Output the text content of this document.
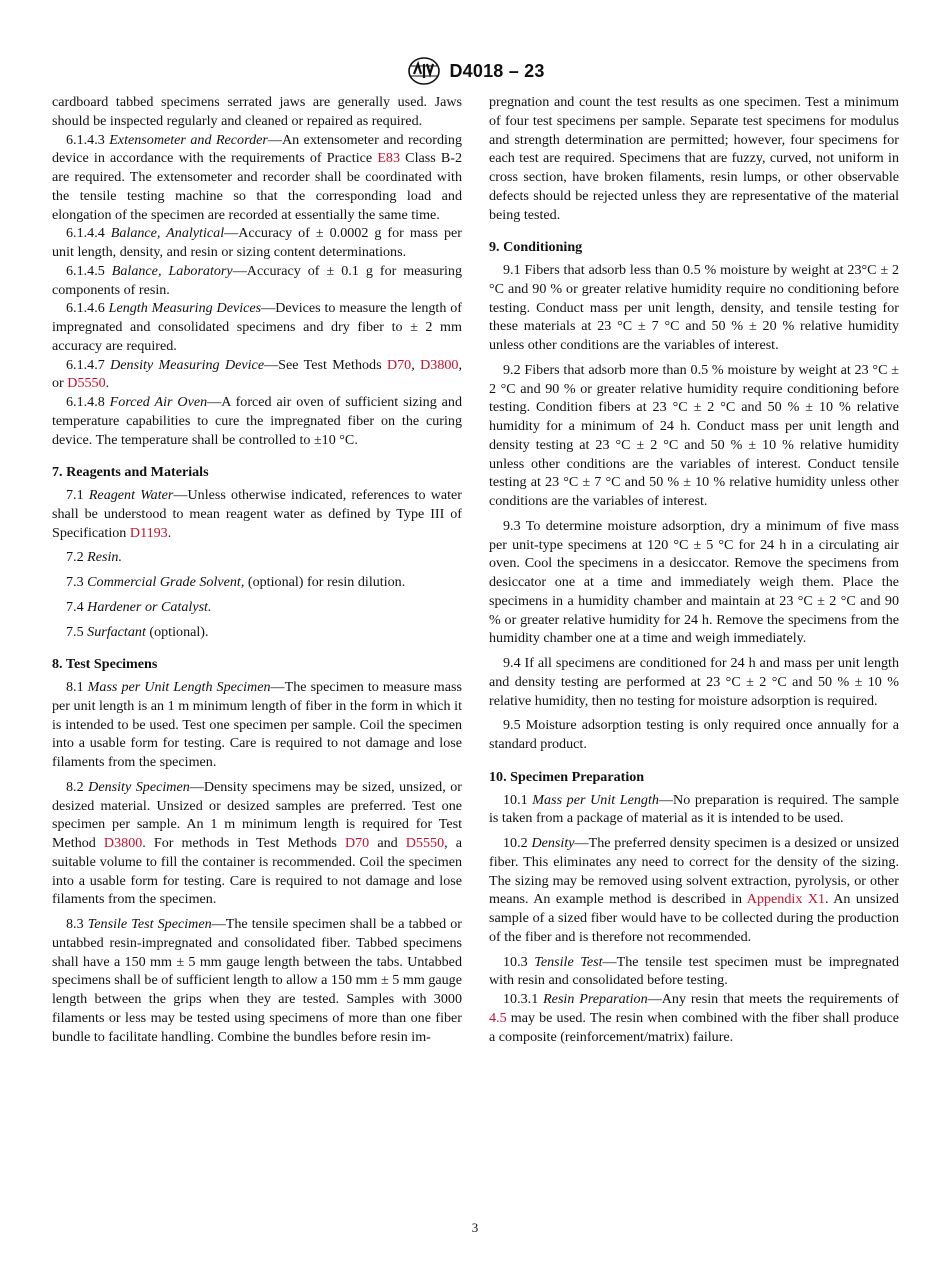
D4018 – 23

cardboard tabbed specimens serrated jaws are generally used. Jaws should be inspected regularly and cleaned or repaired as required.

6.1.4.3 Extensometer and Recorder—An extensometer and recording device in accordance with the requirements of Practice E83 Class B-2 are required. The extensometer and recorder shall be coordinated with the tensile testing machine so that the corresponding load and elongation of the specimen are recorded at essentially the same time.

6.1.4.4 Balance, Analytical—Accuracy of ± 0.0002 g for mass per unit length, density, and resin or sizing content determinations.

6.1.4.5 Balance, Laboratory—Accuracy of ± 0.1 g for measuring components of resin.

6.1.4.6 Length Measuring Devices—Devices to measure the length of impregnated and consolidated specimens and dry fiber to ± 2 mm accuracy are required.

6.1.4.7 Density Measuring Device—See Test Methods D70, D3800, or D5550.

6.1.4.8 Forced Air Oven—A forced air oven of sufficient sizing and temperature capabilities to cure the impregnated fiber on the curing device. The temperature shall be controlled to ±10 °C.

7. Reagents and Materials

7.1 Reagent Water—Unless otherwise indicated, references to water shall be understood to mean reagent water as defined by Type III of Specification D1193.

7.2 Resin.

7.3 Commercial Grade Solvent, (optional) for resin dilution.

7.4 Hardener or Catalyst.

7.5 Surfactant (optional).

8. Test Specimens

8.1 Mass per Unit Length Specimen—The specimen to measure mass per unit length is an 1 m minimum length of fiber in the form in which it is intended to be used. Test one specimen per sample. Coil the specimen into a usable form for testing. Care is required to not damage and lose filaments from the specimen.

8.2 Density Specimen—Density specimens may be sized, unsized, or desized material. Unsized or desized samples are preferred. Test one specimen per sample. An 1 m minimum length is required for Test Method D3800. For methods in Test Methods D70 and D5550, a suitable volume to fill the container is recommended. Coil the specimen into a usable form for testing. Care is required to not damage and lose filaments from the specimen.

8.3 Tensile Test Specimen—The tensile specimen shall be a tabbed or untabbed resin-impregnated and consolidated fiber. Tabbed specimens shall have a 150 mm ± 5 mm gauge length between the tabs. Untabbed specimens shall be of sufficient length to allow a 150 mm ± 5 mm gauge length between the grips when they are tested. Samples with 3000 filaments or less may be tested using specimens of more than one fiber bundle to facilitate handling. Combine the bundles before resin im-

pregnation and count the test results as one specimen. Test a minimum of four test specimens per sample. Separate test specimens for modulus and strength determination are permitted; however, four specimens for each test are required. Specimens that are fuzzy, curved, not uniform in cross section, have broken filaments, resin lumps, or other observable defects should be rejected unless they are representative of the material being tested.

9. Conditioning

9.1 Fibers that adsorb less than 0.5 % moisture by weight at 23°C ± 2 °C and 90 % or greater relative humidity require no conditioning before testing. Conduct mass per unit length, density, and tensile testing for these materials at 23 °C ± 7 °C and 50 % ± 20 % relative humidity unless other conditions are the variables of interest.

9.2 Fibers that adsorb more than 0.5 % moisture by weight at 23 °C ± 2 °C and 90 % or greater relative humidity require conditioning before testing. Condition fibers at 23 °C ± 2 °C and 50 % ± 10 % relative humidity for a minimum of 24 h. Conduct mass per unit length and density testing at 23 °C ± 2 °C and 50 % ± 10 % relative humidity unless other conditions are the variables of interest. Conduct tensile testing at 23 °C ± 7 °C and 50 % ± 10 % relative humidity unless other conditions are the variables of interest.

9.3 To determine moisture adsorption, dry a minimum of five mass per unit-type specimens at 120 °C ± 5 °C for 24 h in a circulating air oven. Cool the specimens in a desiccator. Remove the specimens from desiccator one at a time and immediately weigh them. Place the specimens in a humidity chamber and maintain at 23 °C ± 2 °C and 90 % or greater relative humidity for 24 h. Remove the specimens from the humidity chamber one at a time and weigh immediately.

9.4 If all specimens are conditioned for 24 h and mass per unit length and density testing are performed at 23 °C ± 2 °C and 50 % ± 10 % relative humidity, then no testing for moisture adsorption is required.

9.5 Moisture adsorption testing is only required once annually for a standard product.

10. Specimen Preparation

10.1 Mass per Unit Length—No preparation is required. The sample is taken from a package of material as it is intended to be used.

10.2 Density—The preferred density specimen is a desized or unsized fiber. This eliminates any need to correct for the density of the sizing. The sizing may be removed using solvent extraction, pyrolysis, or other means. An example method is described in Appendix X1. An unsized sample of a sized fiber would have to be collected during the production of the fiber and is therefore not recommended.

10.3 Tensile Test—The tensile test specimen must be impregnated with resin and consolidated before testing.

10.3.1 Resin Preparation—Any resin that meets the requirements of 4.5 may be used. The resin when combined with the fiber shall produce a composite (reinforcement/matrix) failure.

3
